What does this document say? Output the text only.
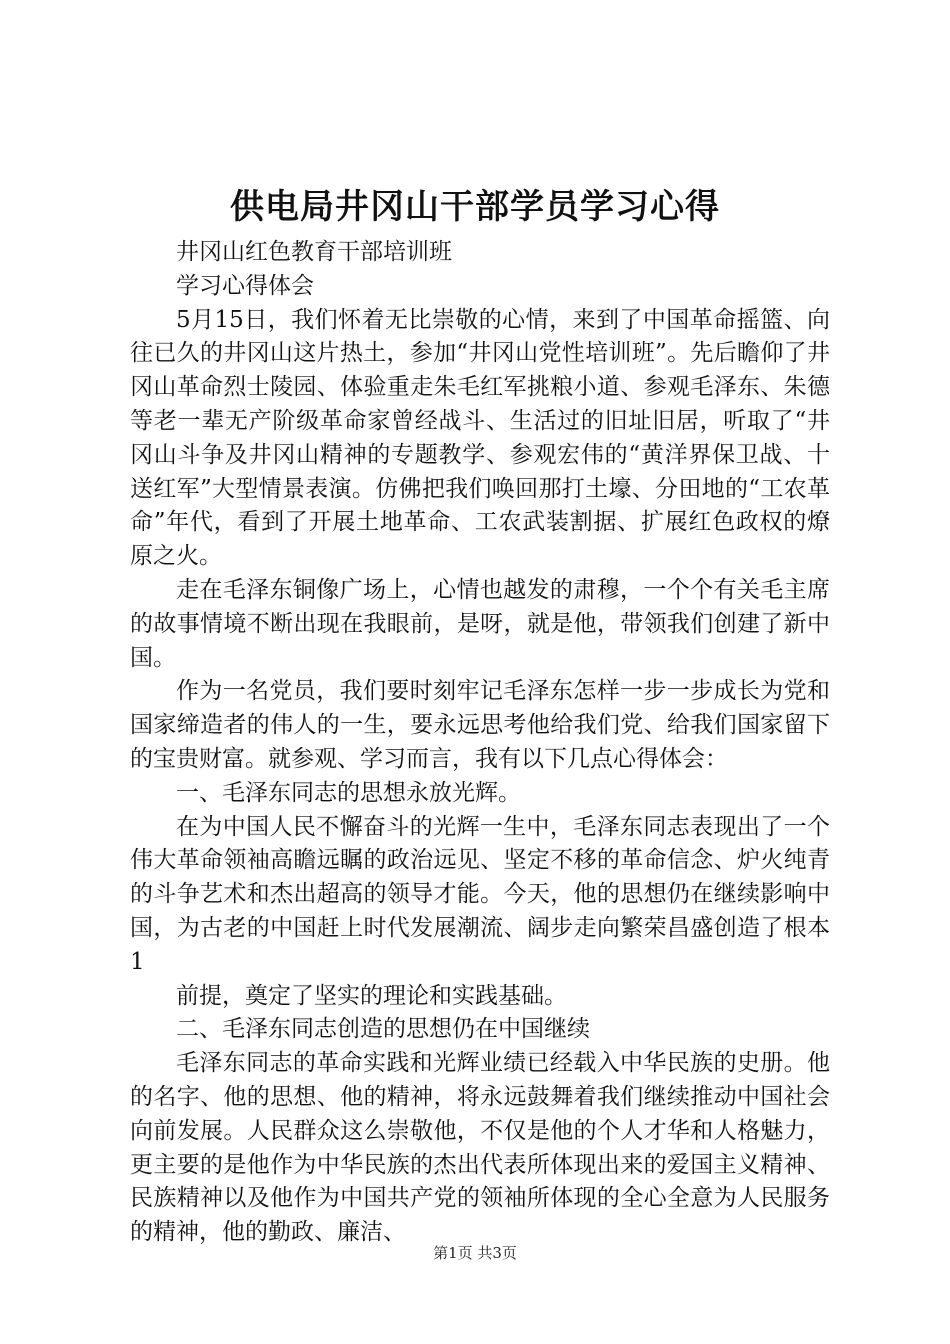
供电局井冈山干部学员学习心得

井冈山红色教育干部培训班

学习心得体会

5月15日，我们怀着无比崇敬的心情，来到了中国革命摇篮、向往已久的井冈山这片热土，参加“井冈山党性培训班”。先后瞻仰了井冈山革命烈士陵园、体验重走朱毛红军挑粮小道、参观毛泽东、朱德等老一辈无产阶级革命家曾经战斗、生活过的旧址旧居，听取了“井冈山斗争及井冈山精神的专题教学、参观宏伟的“黄洋界保卫战、十送红军”大型情景表演。仿佛把我们唤回那打土壕、分田地的“工农革命”年代，看到了开展土地革命、工农武装割据、扩展红色政权的燎原之火。

走在毛泽东铜像广场上，心情也越发的肃穆，一个个有关毛主席的故事情境不断出现在我眼前，是呀，就是他，带领我们创建了新中国。

作为一名党员，我们要时刻牢记毛泽东怎样一步一步成长为党和国家缔造者的伟人的一生，要永远思考他给我们党、给我们国家留下的宝贵财富。就参观、学习而言，我有以下几点心得体会：

一、毛泽东同志的思想永放光辉。

在为中国人民不懈奋斗的光辉一生中，毛泽东同志表现出了一个伟大革命领袖高瞻远瞩的政治远见、坚定不移的革命信念、炉火纯青的斗争艺术和杰出超高的领导才能。今天，他的思想仍在继续影响中国，为古老的中国赶上时代发展潮流、阔步走向繁荣昌盛创造了根本1

前提，奠定了坚实的理论和实践基础。

二、毛泽东同志创造的思想仍在中国继续

毛泽东同志的革命实践和光辉业绩已经载入中华民族的史册。他的名字、他的思想、他的精神，将永远鼓舞着我们继续推动中国社会向前发展。人民群众这么崇敬他，不仅是他的个人才华和人格魅力，更主要的是他作为中华民族的杰出代表所体现出来的爱国主义精神、民族精神以及他作为中国共产党的领袖所体现的全心全意为人民服务的精神，他的勤政、廉洁、

第1页 共3页
